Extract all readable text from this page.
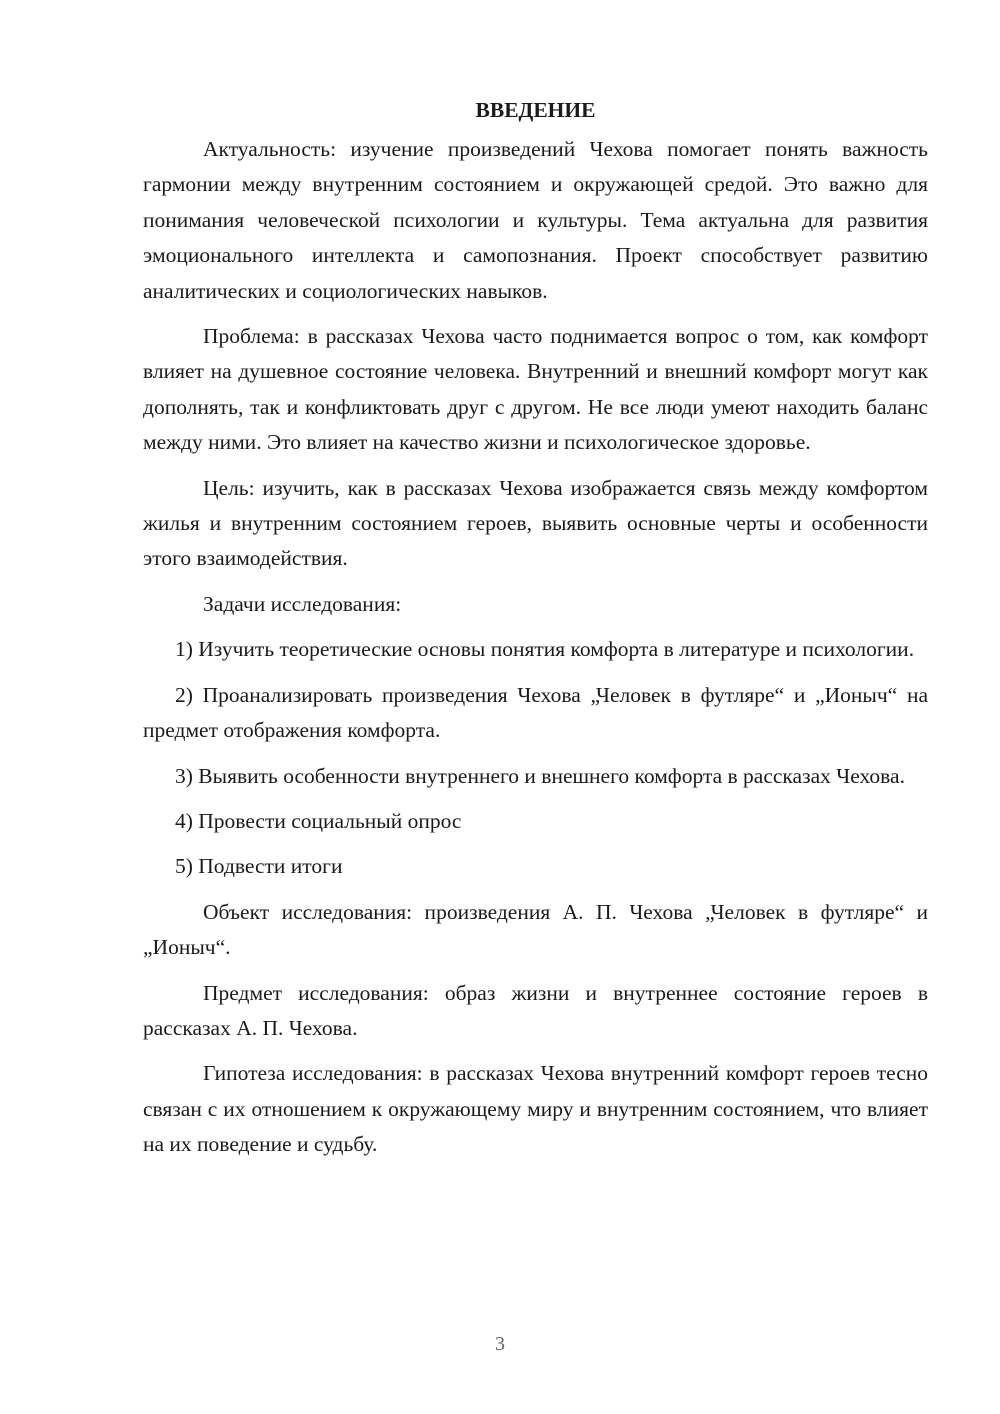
ВВЕДЕНИЕ

Актуальность: изучение произведений Чехова помогает понять важность гармонии между внутренним состоянием и окружающей средой. Это важно для понимания человеческой психологии и культуры. Тема актуальна для развития эмоционального интеллекта и самопознания. Проект способствует развитию аналитических и социологических навыков.

Проблема: в рассказах Чехова часто поднимается вопрос о том, как комфорт влияет на душевное состояние человека. Внутренний и внешний комфорт могут как дополнять, так и конфликтовать друг с другом. Не все люди умеют находить баланс между ними. Это влияет на качество жизни и психологическое здоровье.

Цель: изучить, как в рассказах Чехова изображается связь между комфортом жилья и внутренним состоянием героев, выявить основные черты и особенности этого взаимодействия.

Задачи исследования:

1) Изучить теоретические основы понятия комфорта в литературе и психологии.

2) Проанализировать произведения Чехова „Человек в футляре“ и „Ионыч“ на предмет отображения комфорта.

3) Выявить особенности внутреннего и внешнего комфорта в рассказах Чехова.

4) Провести социальный опрос

5) Подвести итоги

Объект исследования: произведения А. П. Чехова „Человек в футляре“ и „Ионыч“.

Предмет исследования: образ жизни и внутреннее состояние героев в рассказах А. П. Чехова.

Гипотеза исследования: в рассказах Чехова внутренний комфорт героев тесно связан с их отношением к окружающему миру и внутренним состоянием, что влияет на их поведение и судьбу.

3
